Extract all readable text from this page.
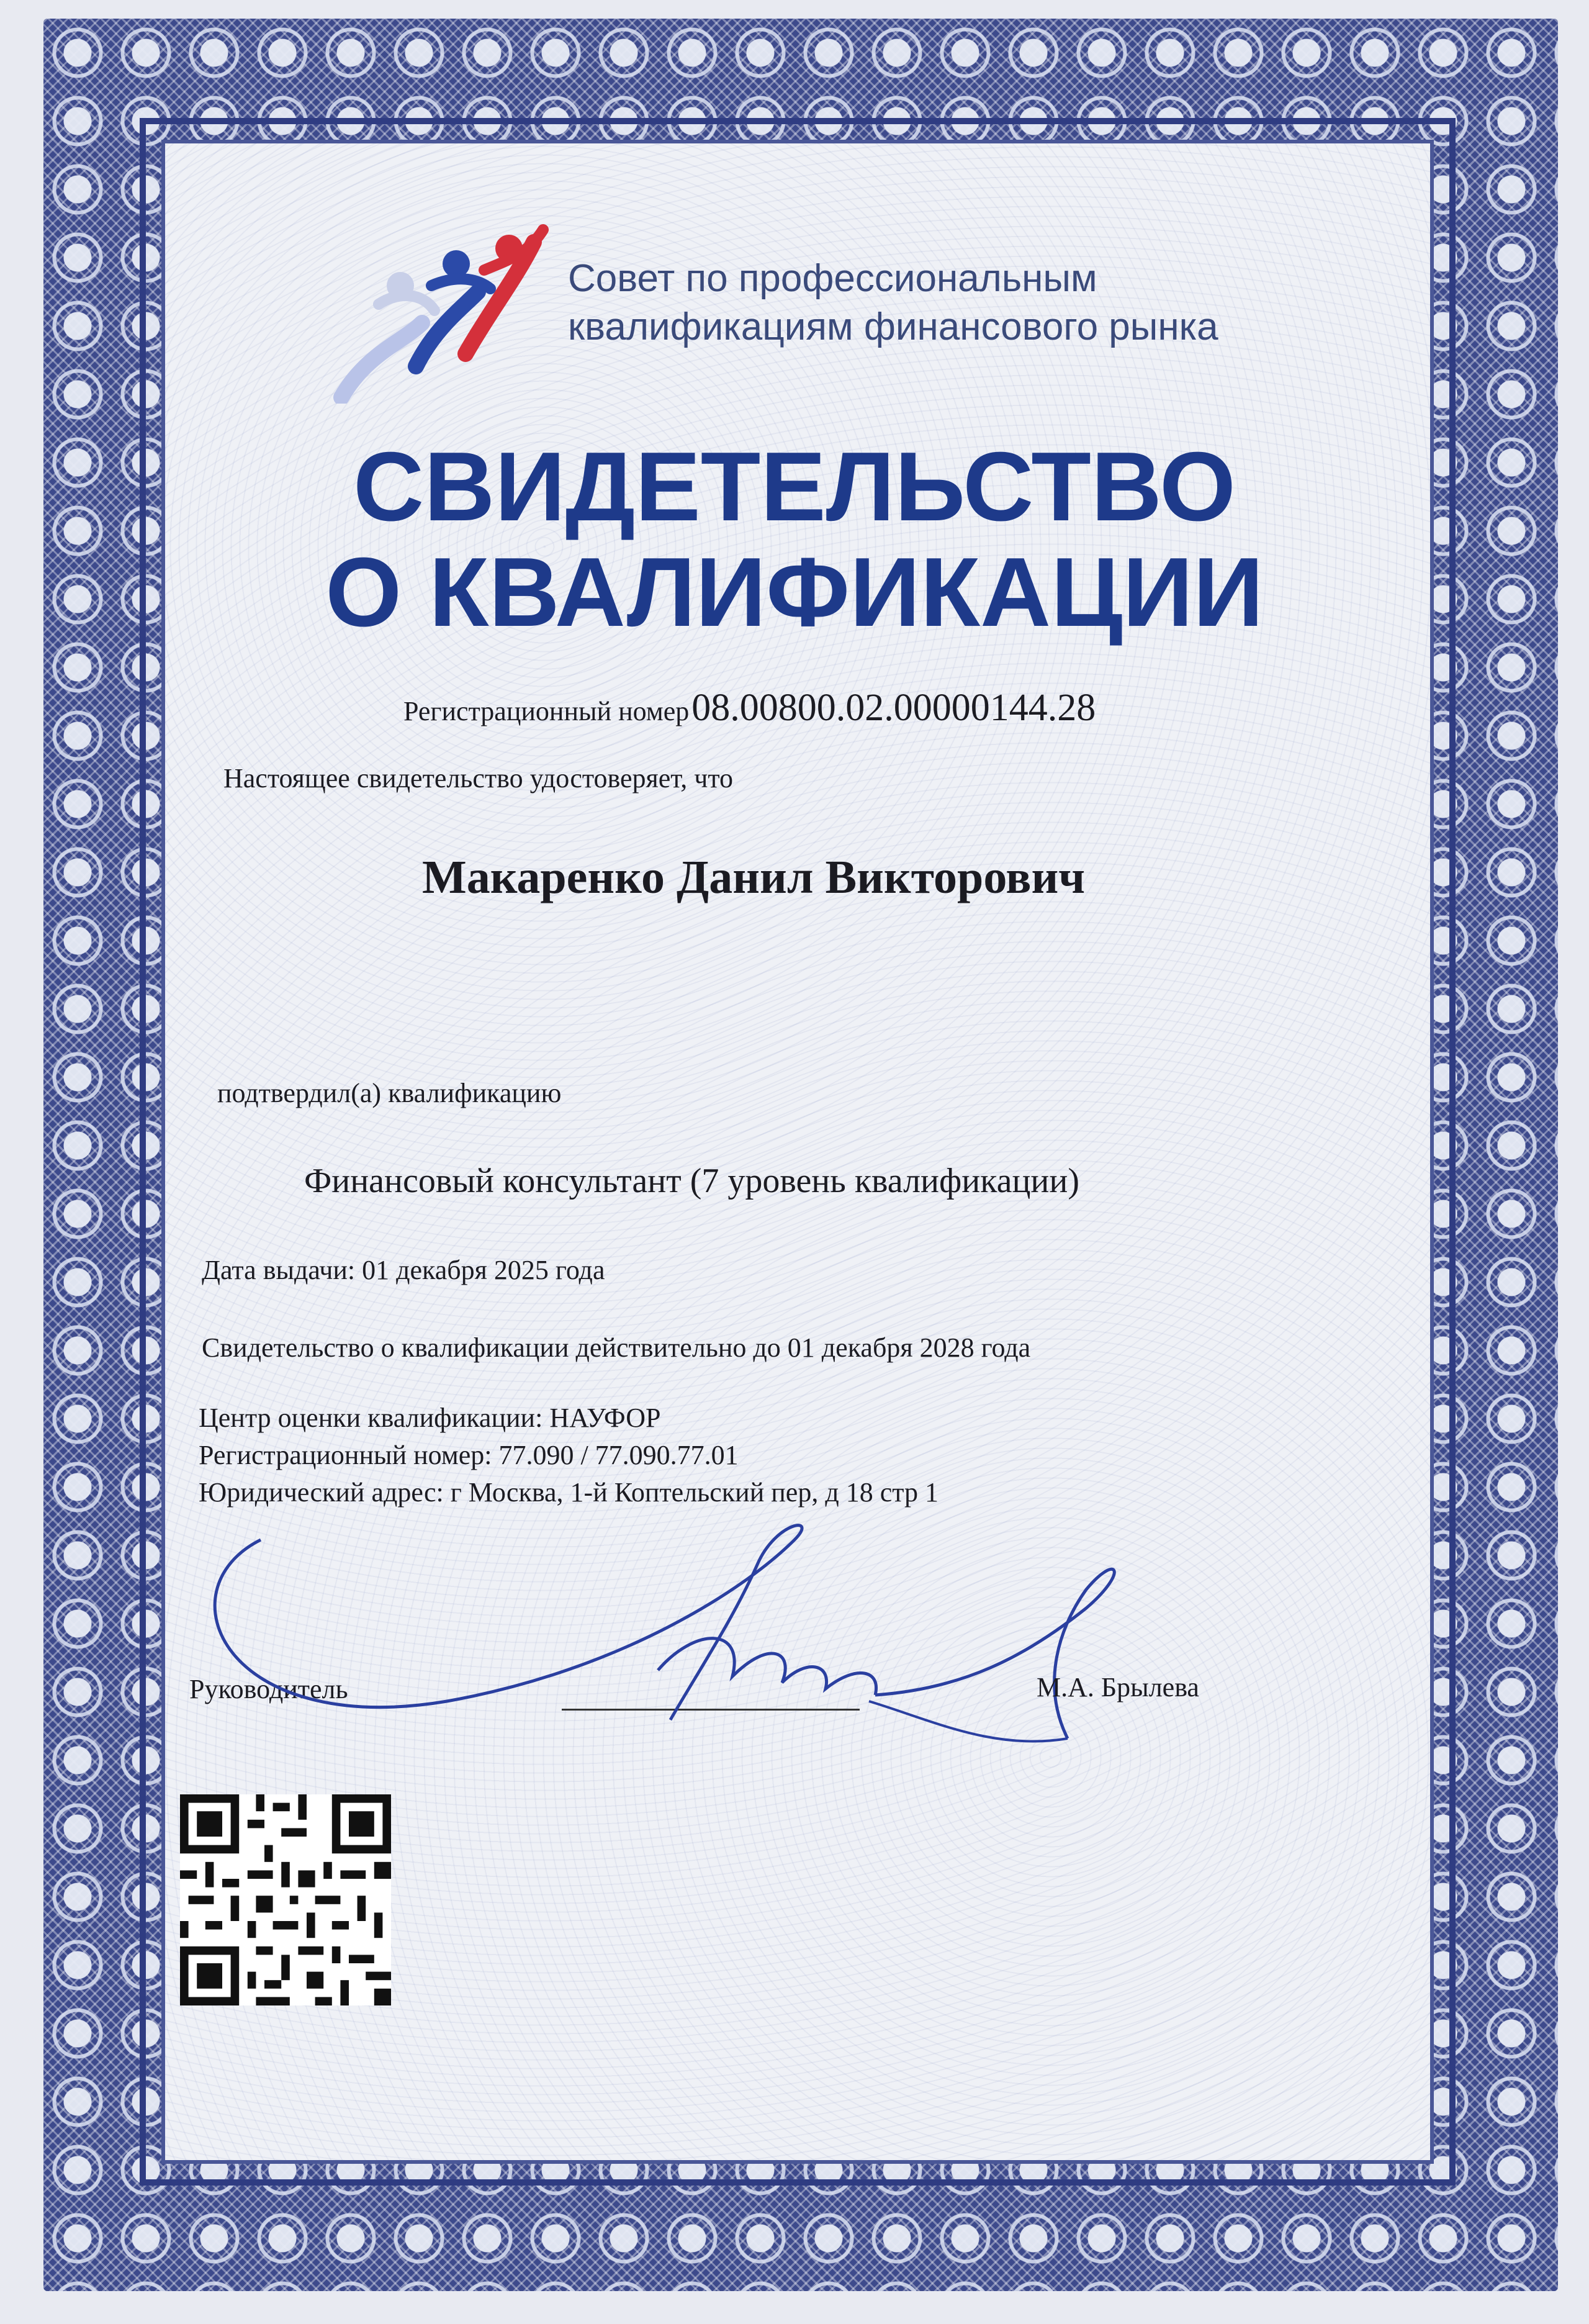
Совет по профессиональным
квалификациям финансового рынка
СВИДЕТЕЛЬСТВО
О КВАЛИФИКАЦИИ
Регистрационный номер 08.00800.02.00000144.28
Настоящее свидетельство удостоверяет, что
Макаренко Данил Викторович
подтвердил(а) квалификацию
Финансовый консультант (7 уровень квалификации)
Дата выдачи: 01 декабря 2025 года
Свидетельство о квалификации действительно до 01 декабря 2028 года
Центр оценки квалификации: НАУФОР
Регистрационный номер: 77.090 / 77.090.77.01
Юридический адрес: г Москва, 1-й Коптельский пер, д 18 стр 1
Руководитель	М.А. Брылева
